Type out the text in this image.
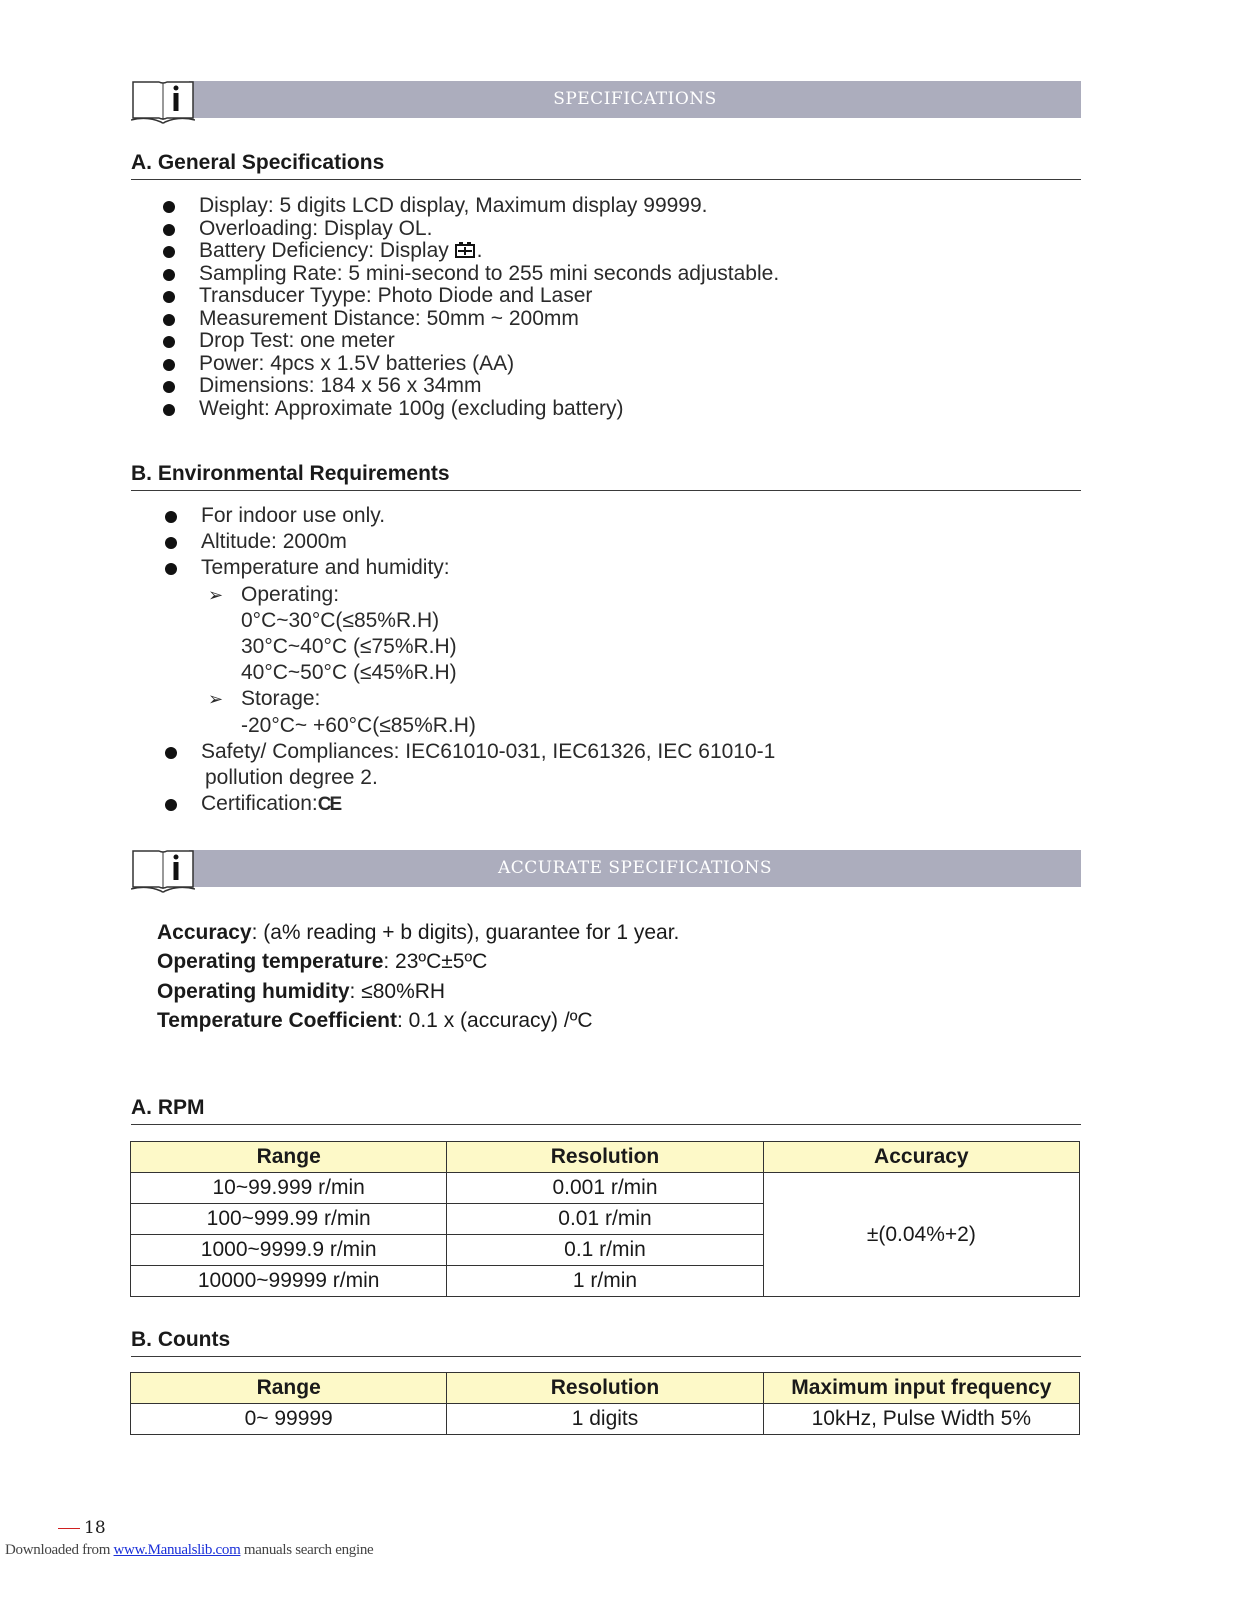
SPECIFICATIONS
A. General Specifications
Display: 5 digits LCD display, Maximum display 99999.
Overloading: Display OL.
Battery Deficiency: Display .
Sampling Rate: 5 mini-second to 255 mini seconds adjustable.
Transducer Tyype: Photo Diode and Laser
Measurement Distance: 50mm ~ 200mm
Drop Test: one meter
Power: 4pcs x 1.5V batteries (AA)
Dimensions: 184 x 56 x 34mm
Weight: Approximate 100g (excluding battery)
B. Environmental Requirements
For indoor use only.
Altitude: 2000m
Temperature and humidity:
➢ Operating:
0°C~30°C(≤85%R.H)
30°C~40°C (≤75%R.H)
40°C~50°C (≤45%R.H)
➢ Storage:
-20°C~ +60°C(≤85%R.H)
Safety/ Compliances: IEC61010-031, IEC61326, IEC 61010-1
pollution degree 2.
Certification:CE
ACCURATE SPECIFICATIONS
Accuracy: (a% reading + b digits), guarantee for 1 year.
Operating temperature: 23ºC±5ºC
Operating humidity: ≤80%RH
Temperature Coefficient: 0.1 x (accuracy) /ºC
A. RPM
Range	Resolution	Accuracy
10~99.999 r/min	0.001 r/min	±(0.04%+2)
100~999.99 r/min	0.01 r/min	
1000~9999.9 r/min	0.1 r/min	
10000~99999 r/min	1 r/min	
B. Counts
Range	Resolution	Maximum input frequency
0~ 99999	1 digits	10kHz, Pulse Width 5%
18
Downloaded from www.Manualslib.com manuals search engine
